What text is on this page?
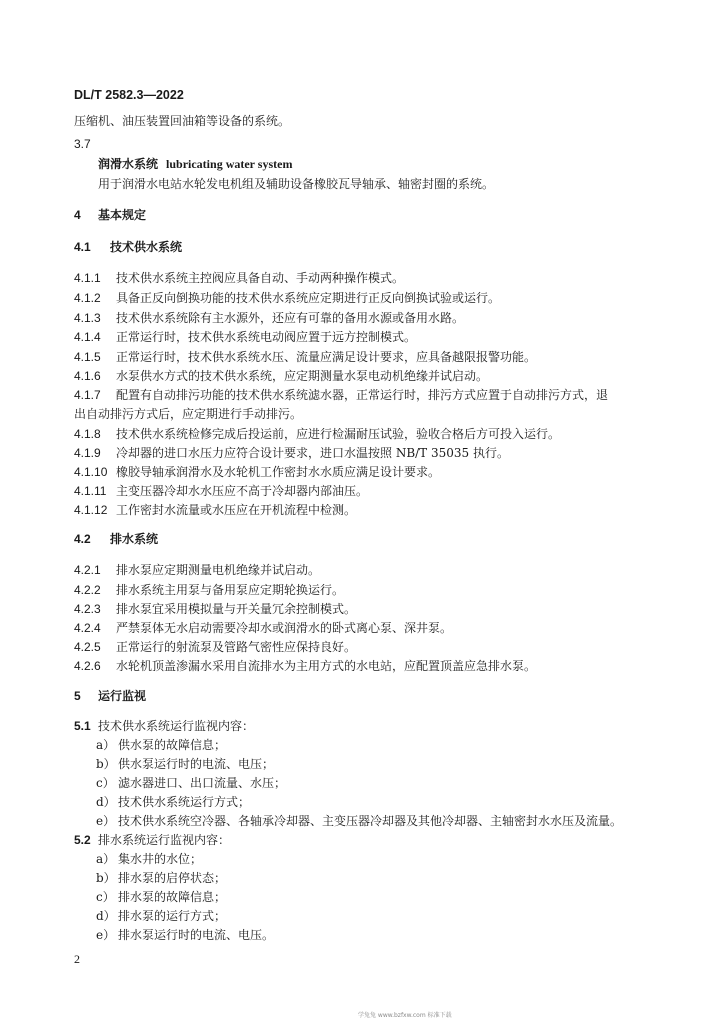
DL/T 2582.3—2022
压缩机、油压装置回油箱等设备的系统。
3.7
润滑水系统 lubricating water system
用于润滑水电站水轮发电机组及辅助设备橡胶瓦导轴承、轴密封圈的系统。
4 基本规定
4.1 技术供水系统
4.1.1 技术供水系统主控阀应具备自动、手动两种操作模式。
4.1.2 具备正反向倒换功能的技术供水系统应定期进行正反向倒换试验或运行。
4.1.3 技术供水系统除有主水源外，还应有可靠的备用水源或备用水路。
4.1.4 正常运行时，技术供水系统电动阀应置于远方控制模式。
4.1.5 正常运行时，技术供水系统水压、流量应满足设计要求，应具备越限报警功能。
4.1.6 水泵供水方式的技术供水系统，应定期测量水泵电动机绝缘并试启动。
4.1.7 配置有自动排污功能的技术供水系统滤水器，正常运行时，排污方式应置于自动排污方式，退
出自动排污方式后，应定期进行手动排污。
4.1.8 技术供水系统检修完成后投运前，应进行检漏耐压试验，验收合格后方可投入运行。
4.1.9 冷却器的进口水压力应符合设计要求，进口水温按照 NB/T 35035 执行。
4.1.10 橡胶导轴承润滑水及水轮机工作密封水水质应满足设计要求。
4.1.11 主变压器冷却水水压应不高于冷却器内部油压。
4.1.12 工作密封水流量或水压应在开机流程中检测。
4.2 排水系统
4.2.1 排水泵应定期测量电机绝缘并试启动。
4.2.2 排水系统主用泵与备用泵应定期轮换运行。
4.2.3 排水泵宜采用模拟量与开关量冗余控制模式。
4.2.4 严禁泵体无水启动需要冷却水或润滑水的卧式离心泵、深井泵。
4.2.5 正常运行的射流泵及管路气密性应保持良好。
4.2.6 水轮机顶盖渗漏水采用自流排水为主用方式的水电站，应配置顶盖应急排水泵。
5 运行监视
5.1 技术供水系统运行监视内容：
a） 供水泵的故障信息；
b） 供水泵运行时的电流、电压；
c） 滤水器进口、出口流量、水压；
d） 技术供水系统运行方式；
e） 技术供水系统空冷器、各轴承冷却器、主变压器冷却器及其他冷却器、主轴密封水水压及流量。
5.2 排水系统运行监视内容：
a） 集水井的水位；
b） 排水泵的启停状态；
c） 排水泵的故障信息；
d） 排水泵的运行方式；
e） 排水泵运行时的电流、电压。
2
学兔兔 www.bzfxw.com 标准下载
